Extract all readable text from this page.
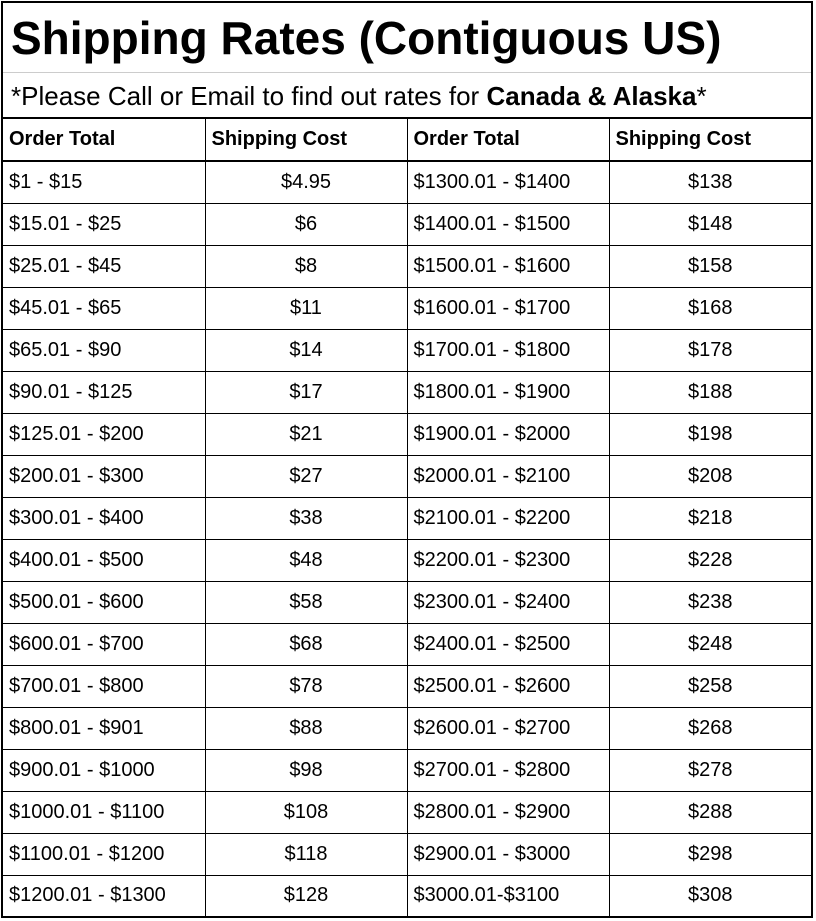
Shipping Rates (Contiguous US)
*Please Call or Email to find out rates for Canada & Alaska*
Order Total	Shipping Cost	Order Total	Shipping Cost
$1 - $15	$4.95	$1300.01 - $1400	$138
$15.01 - $25	$6	$1400.01 - $1500	$148
$25.01 - $45	$8	$1500.01 - $1600	$158
$45.01 - $65	$11	$1600.01 - $1700	$168
$65.01 - $90	$14	$1700.01 - $1800	$178
$90.01 - $125	$17	$1800.01 - $1900	$188
$125.01 - $200	$21	$1900.01 - $2000	$198
$200.01 - $300	$27	$2000.01 - $2100	$208
$300.01 - $400	$38	$2100.01 - $2200	$218
$400.01 - $500	$48	$2200.01 - $2300	$228
$500.01 - $600	$58	$2300.01 - $2400	$238
$600.01 - $700	$68	$2400.01 - $2500	$248
$700.01 - $800	$78	$2500.01 - $2600	$258
$800.01 - $901	$88	$2600.01 - $2700	$268
$900.01 - $1000	$98	$2700.01 - $2800	$278
$1000.01 - $1100	$108	$2800.01 - $2900	$288
$1100.01 - $1200	$118	$2900.01 - $3000	$298
$1200.01 - $1300	$128	$3000.01-$3100	$308
